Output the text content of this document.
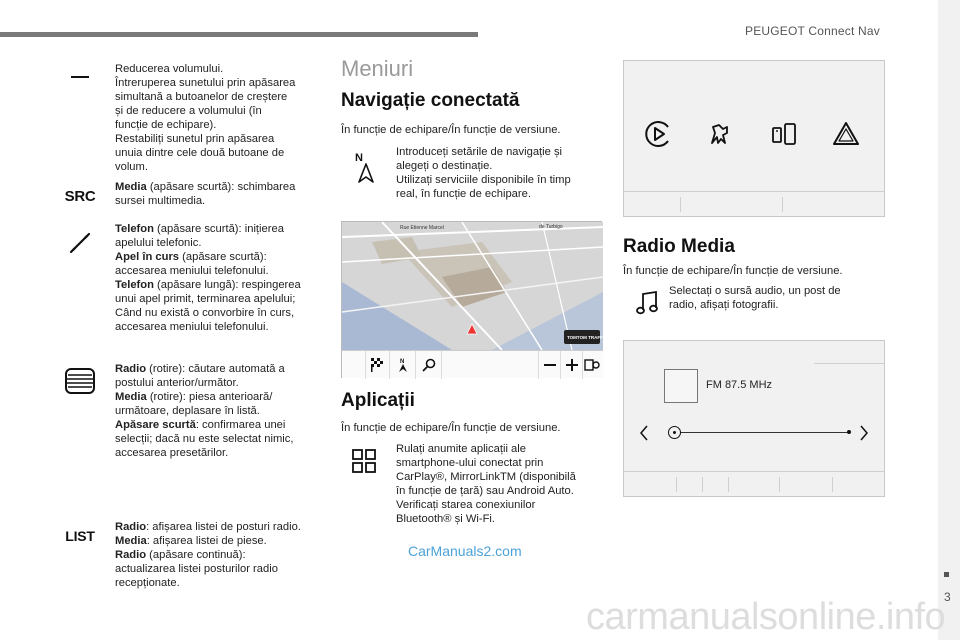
PEUGEOT Connect Nav
3
Reducerea volumului.
Întreruperea sunetului prin apăsarea
simultană a butoanelor de creștere
și de reducere a volumului (în
funcție de echipare).
Restabiliți sunetul prin apăsarea
unuia dintre cele două butoane de
volum.
SRC
Media (apăsare scurtă): schimbarea
sursei multimedia.
Telefon (apăsare scurtă): inițierea
apelului telefonic.
Apel în curs (apăsare scurtă):
accesarea meniului telefonului.
Telefon (apăsare lungă): respingerea
unui apel primit, terminarea apelului;
Când nu există o convorbire în curs,
accesarea meniului telefonului.
Radio (rotire): căutare automată a
postului anterior/următor.
Media (rotire): piesa anterioară/
următoare, deplasare în listă.
Apăsare scurtă: confirmarea unei
selecții; dacă nu este selectat nimic,
accesarea presetărilor.
LIST
Radio: afișarea listei de posturi radio.
Media: afișarea listei de piese.
Radio (apăsare continuă):
actualizarea listei posturilor radio
recepționate.
Meniuri
Navigație conectată
În funcție de echipare/În funcție de versiune.
N	Introduceți setările de navigație și
alegeți o destinație.
Utilizați serviciile disponibile în timp
real, în funcție de echipare.
Rue Etienne Marcel	de Turbigo
TOMTOM TRAFFIC
N
Aplicații
În funcție de echipare/În funcție de versiune.
Rulați anumite aplicații ale
smartphone-ului conectat prin
CarPlay®, MirrorLinkTM (disponibilă
în funcție de țară) sau Android Auto.
Verificați starea conexiunilor
Bluetooth® și Wi-Fi.
CarManuals2.com
Radio Media
În funcție de echipare/În funcție de versiune.
Selectați o sursă audio, un post de
radio, afișați fotografii.
FM 87.5 MHz
carmanualsonline.info
